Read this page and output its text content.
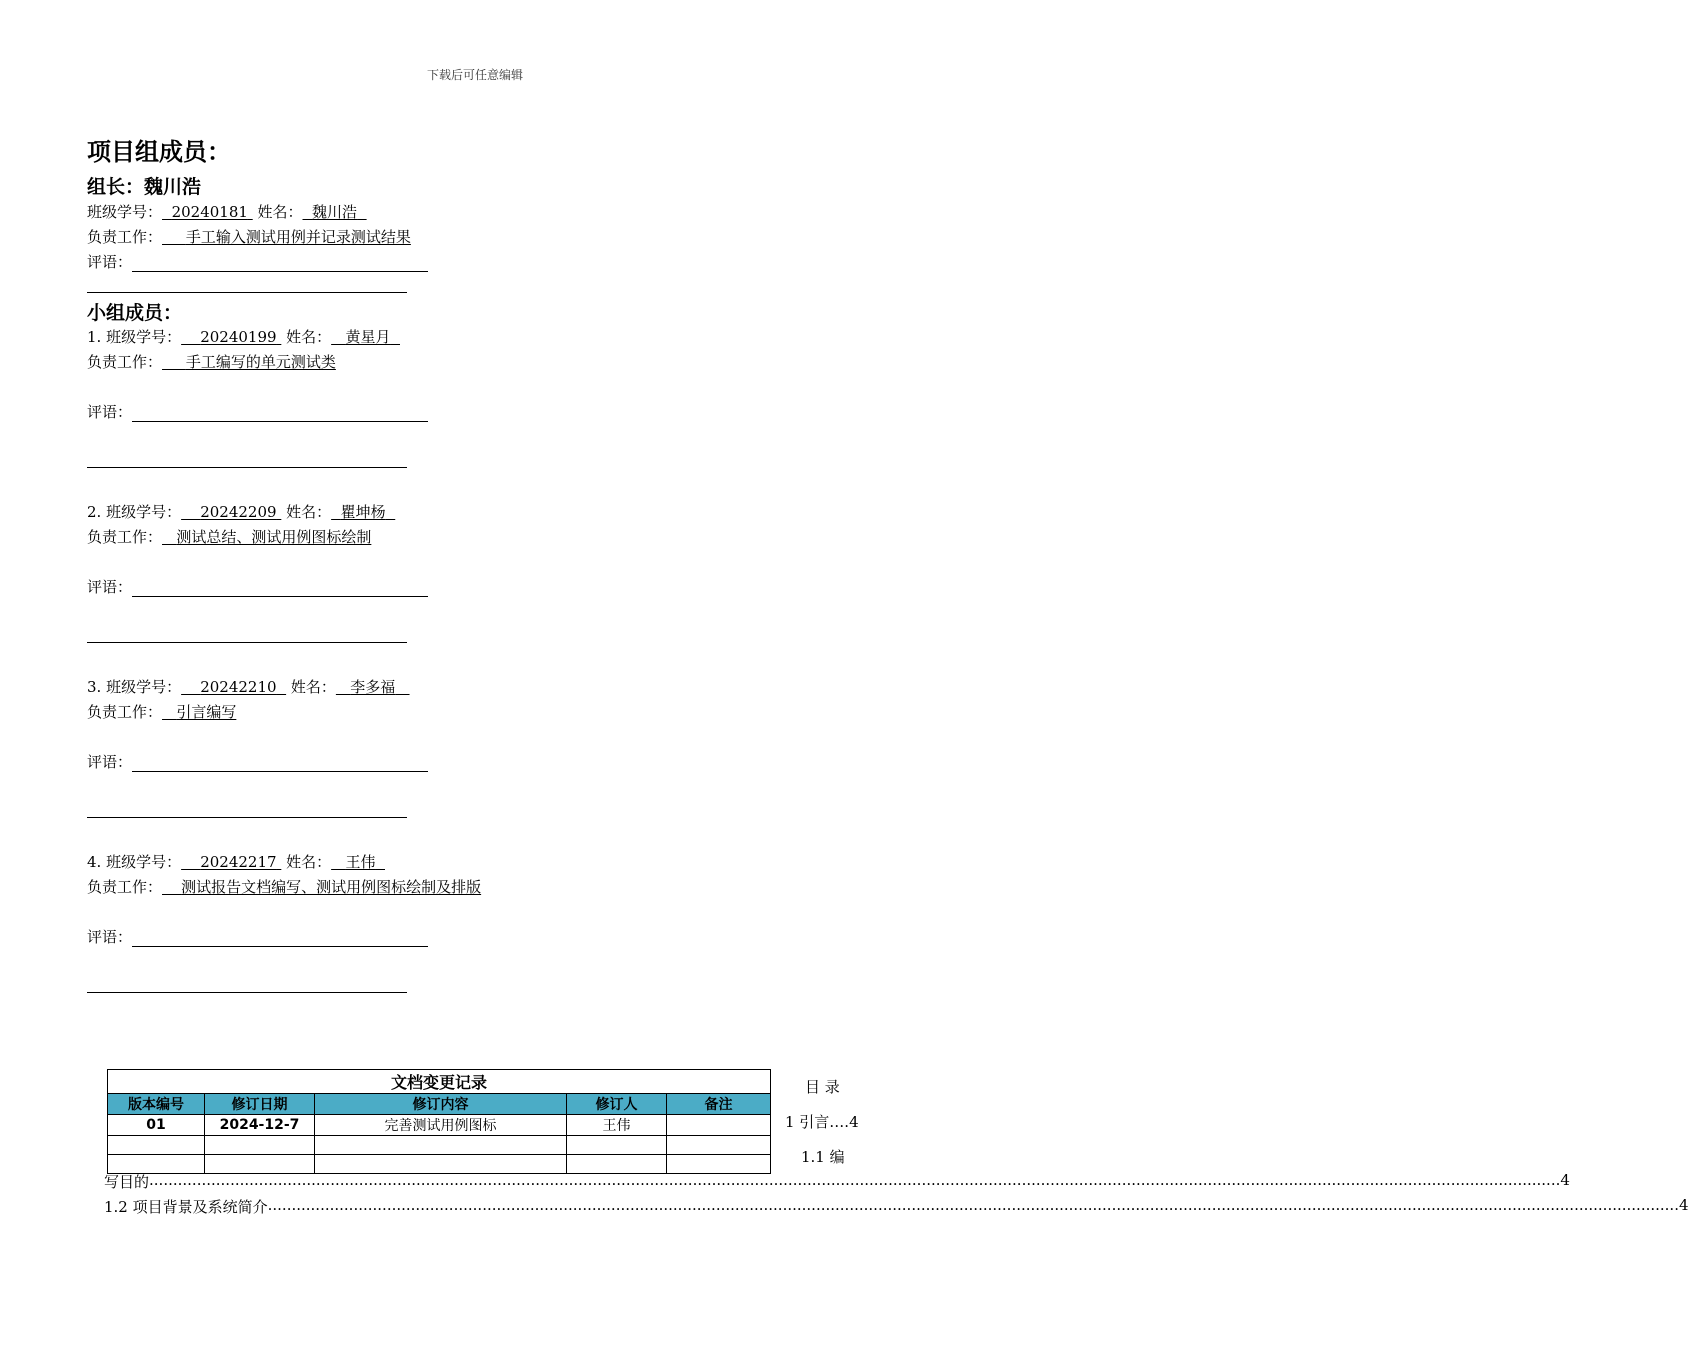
下载后可任意编辑
项目组成员：
组长：魏川浩
班级学号： 20240181 姓名： 魏川浩
负责工作： 手工输入测试用例并记录测试结果
评语：
小组成员：
1. 班级学号： 20240199 姓名： 黄星月
负责工作： 手工编写的单元测试类
评语：
2. 班级学号： 20242209 姓名： 瞿坤杨
负责工作： 测试总结、测试用例图标绘制
评语：
3. 班级学号： 20242210 姓名： 李多福
负责工作： 引言编写
评语：
4. 班级学号： 20242217 姓名： 王伟
负责工作： 测试报告文档编写、测试用例图标绘制及排版
评语：
文档变更记录				
版本编号	修订日期	修订内容	修订人	备注
01	2024-12-7	完善测试用例图标	王伟	

目 录
1 引言….4
1.1 编
写目的 ........................................................................................................................................................................................................................................................................................................ 4
1.2 项目背景及系统简介 ........................................................................................................................................................................................................................................................................................................ 4
